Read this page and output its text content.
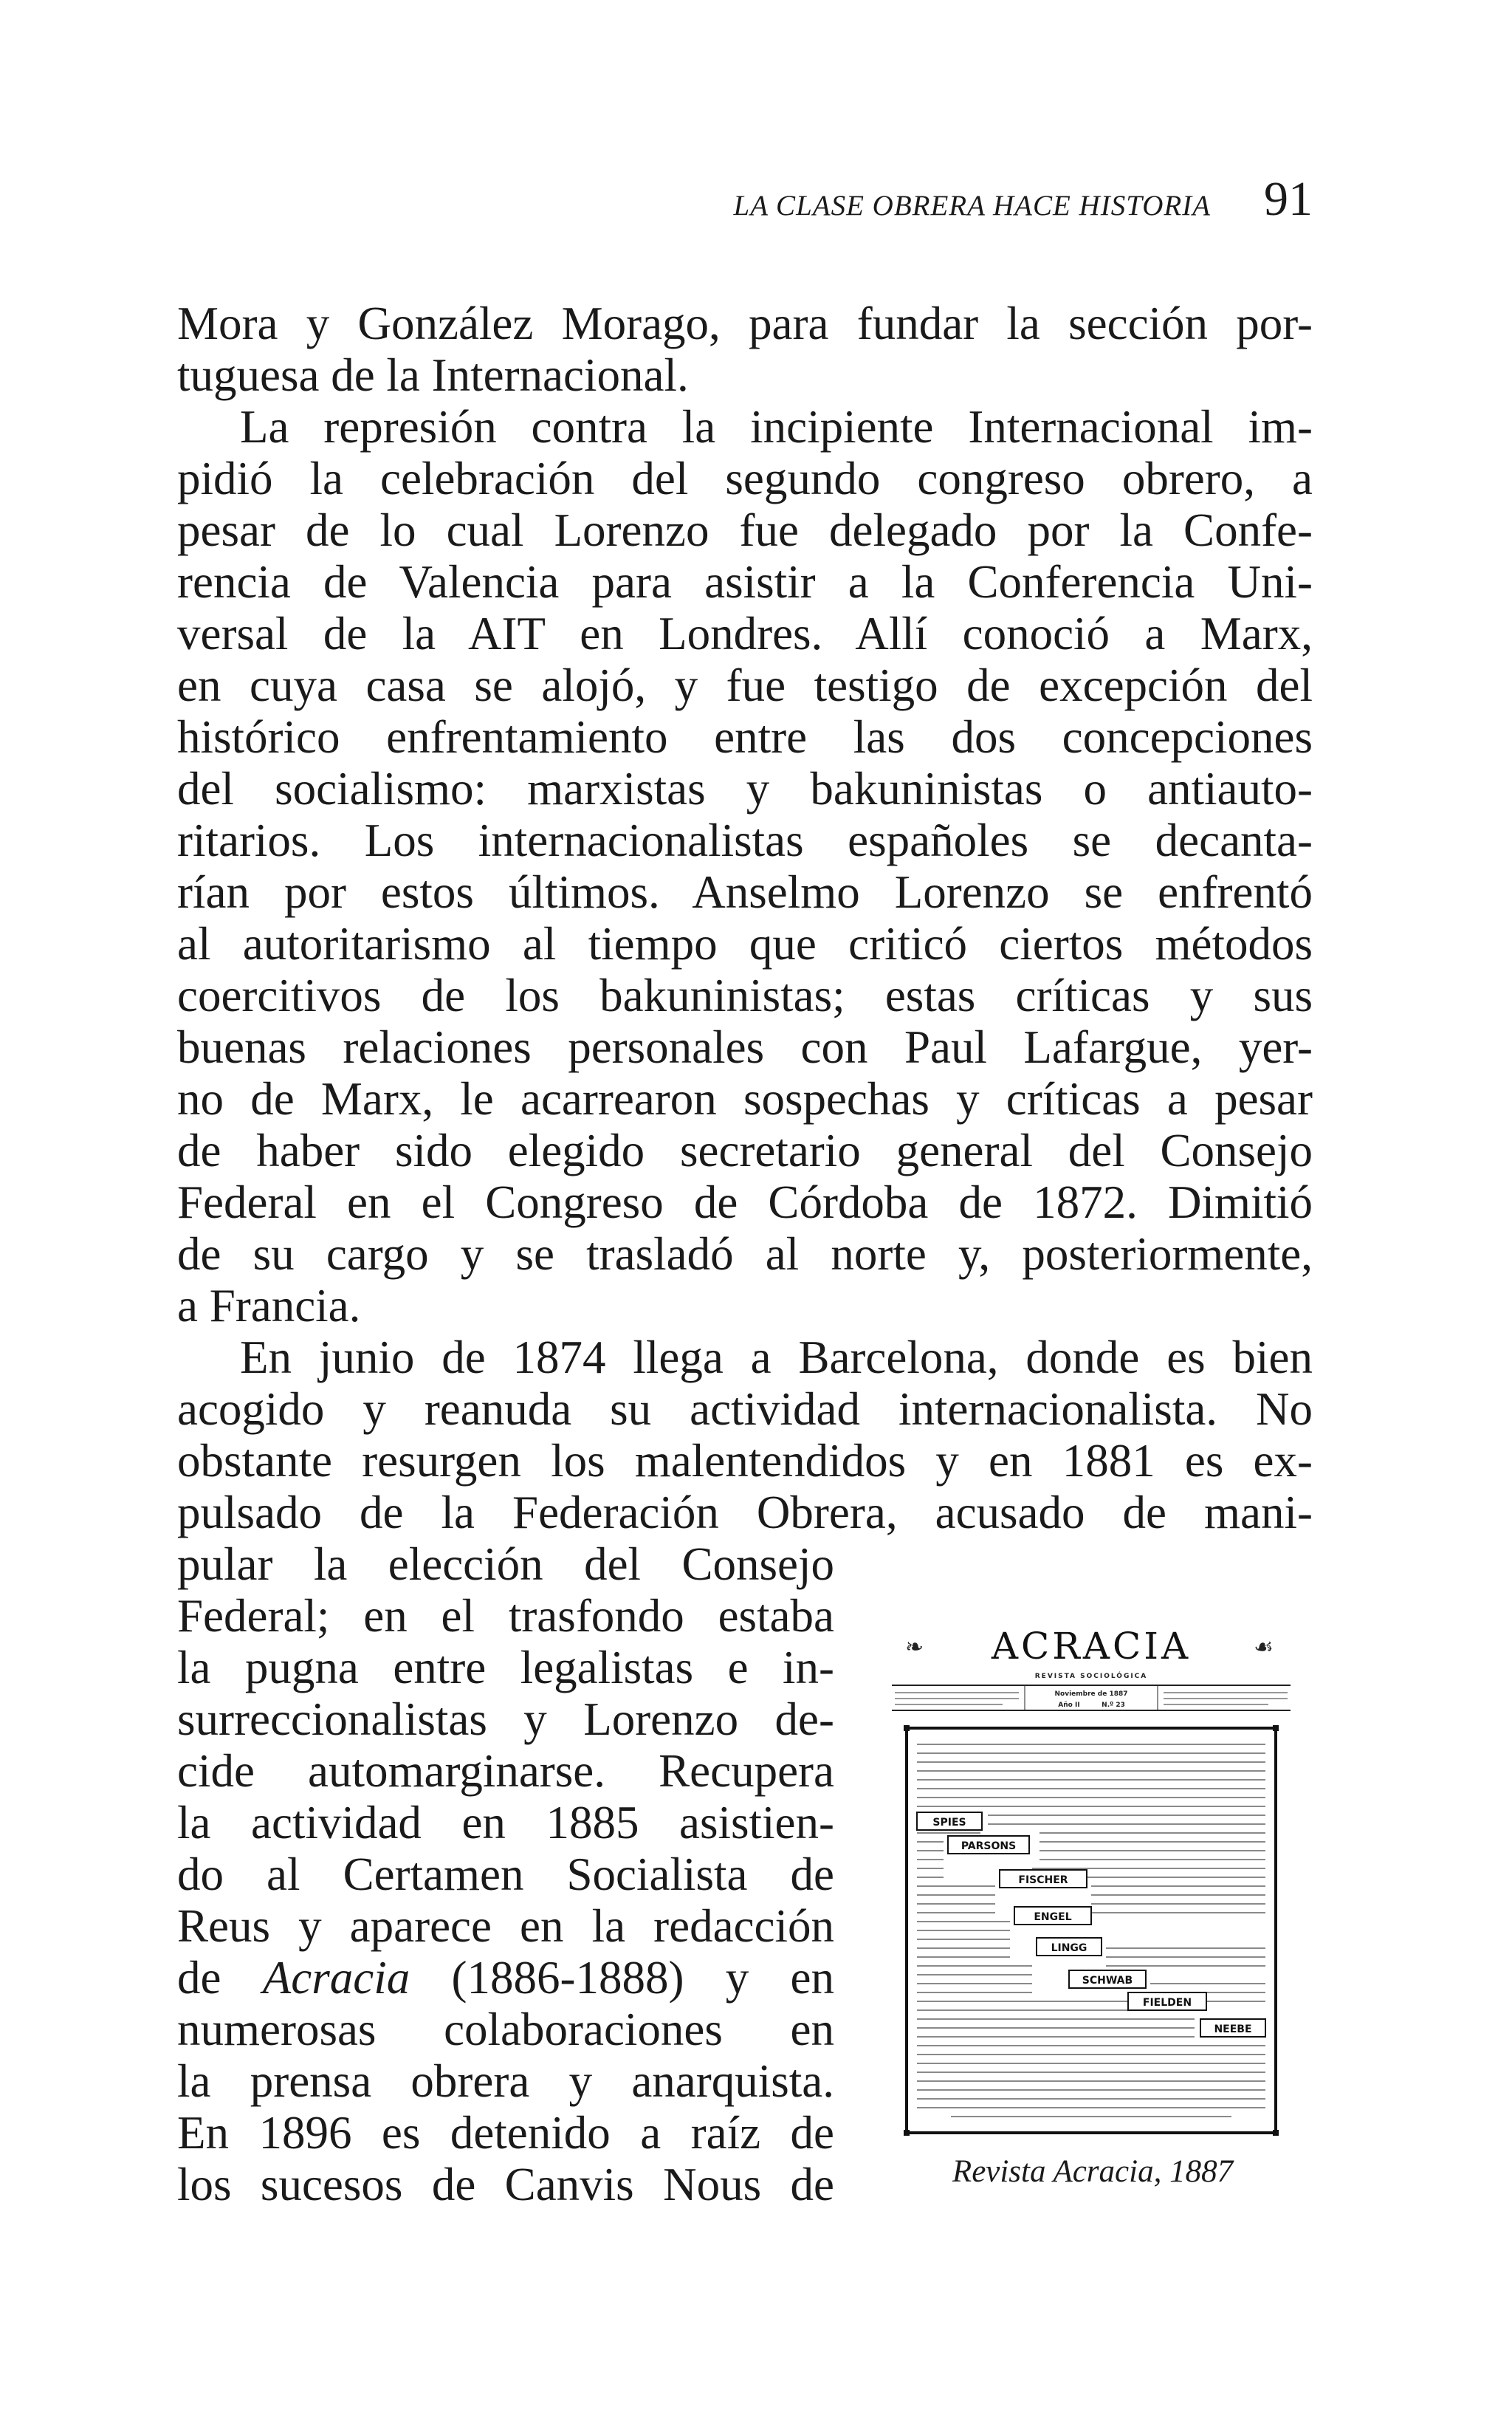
LA CLASE OBRERA HACE HISTORIA 91
Mora y González Morago, para fundar la sección por-
tuguesa de la Internacional.
La represión contra la incipiente Internacional im-
pidió la celebración del segundo congreso obrero, a
pesar de lo cual Lorenzo fue delegado por la Confe-
rencia de Valencia para asistir a la Conferencia Uni-
versal de la AIT en Londres. Allí conoció a Marx,
en cuya casa se alojó, y fue testigo de excepción del
histórico enfrentamiento entre las dos concepciones
del socialismo: marxistas y bakuninistas o antiauto-
ritarios. Los internacionalistas españoles se decanta-
rían por estos últimos. Anselmo Lorenzo se enfrentó
al autoritarismo al tiempo que criticó ciertos métodos
coercitivos de los bakuninistas; estas críticas y sus
buenas relaciones personales con Paul Lafargue, yer-
no de Marx, le acarrearon sospechas y críticas a pesar
de haber sido elegido secretario general del Consejo
Federal en el Congreso de Córdoba de 1872. Dimitió
de su cargo y se trasladó al norte y, posteriormente,
a Francia.
En junio de 1874 llega a Barcelona, donde es bien
acogido y reanuda su actividad internacionalista. No
obstante resurgen los malentendidos y en 1881 es ex-
pulsado de la Federación Obrera, acusado de mani-
pular la elección del Consejo
Federal; en el trasfondo estaba
la pugna entre legalistas e in-
surreccionalistas y Lorenzo de-
cide automarginarse. Recupera
la actividad en 1885 asistien-
do al Certamen Socialista de
Reus y aparece en la redacción
de Acracia (1886-1888) y en
numerosas colaboraciones en
la prensa obrera y anarquista.
En 1896 es detenido a raíz de
los sucesos de Canvis Nous de
❧	☙
ACRACIA
REVISTA SOCIOLÓGICA
Noviembre de 1887
Año II	N.º 23
SPIES
PARSONS
FISCHER
ENGEL
LINGG
SCHWAB
FIELDEN
NEEBE
Revista Acracia, 1887
